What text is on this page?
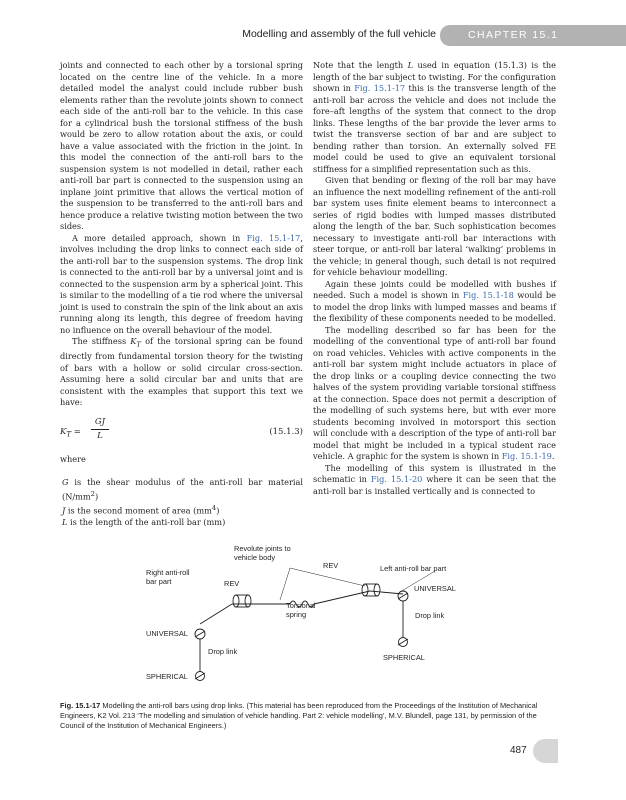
Modelling and assembly of the full vehicle	CHAPTER 15.1

joints and connected to each other by a torsional spring located on the centre line of the vehicle. In a more detailed model the analyst could include rubber bush elements rather than the revolute joints shown to connect each side of the anti-roll bar to the vehicle. In this case for a cylindrical bush the torsional stiffness of the bush would be zero to allow rotation about the axis, or could have a value associated with the friction in the joint. In this model the connection of the anti-roll bars to the suspension system is not modelled in detail, rather each anti-roll bar part is connected to the suspension using an inplane joint primitive that allows the vertical motion of the suspension to be transferred to the anti-roll bars and hence produce a relative twisting motion between the two sides.

A more detailed approach, shown in Fig. 15.1-17, involves including the drop links to connect each side of the anti-roll bar to the suspension systems. The drop link is connected to the anti-roll bar by a universal joint and is connected to the suspension arm by a spherical joint. This is similar to the modelling of a tie rod where the universal joint is used to constrain the spin of the link about an axis running along its length, this degree of freedom having no influence on the overall behaviour of the model.

The stiffness $K_T$ of the torsional spring can be found directly from fundamental torsion theory for the twisting of bars with a hollow or solid circular cross-section. Assuming here a solid circular bar and units that are consistent with the examples that support this text we have:

$K_T = \frac{GJ}{L}$	(15.1.3)

where

G is the shear modulus of the anti-roll bar material $(N/mm^2)$

J is the second moment of area $(mm^4)$

L is the length of the anti-roll bar (mm)

Note that the length L used in equation (15.1.3) is the length of the bar subject to twisting. For the configuration shown in Fig. 15.1-17 this is the transverse length of the anti-roll bar across the vehicle and does not include the fore–aft lengths of the system that connect to the drop links. These lengths of the bar provide the lever arms to twist the transverse section of bar and are subject to bending rather than torsion. An externally solved FE model could be used to give an equivalent torsional stiffness for a simplified representation such as this.

Given that bending or flexing of the roll bar may have an influence the next modelling refinement of the anti-roll bar system uses finite element beams to interconnect a series of rigid bodies with lumped masses distributed along the length of the bar. Such sophistication becomes necessary to investigate anti-roll bar interactions with steer torque, or anti-roll bar lateral ‘walking’ problems in the vehicle; in general though, such detail is not required for vehicle behaviour modelling.

Again these joints could be modelled with bushes if needed. Such a model is shown in Fig. 15.1-18 would be to model the drop links with lumped masses and beams if the flexibility of these components needed to be modelled.

The modelling described so far has been for the modelling of the conventional type of anti-roll bar found on road vehicles. Vehicles with active components in the anti-roll bar system might include actuators in place of the drop links or a coupling device connecting the two halves of the system providing variable torsional stiffness at the connection. Space does not permit a description of the modelling of such systems here, but with ever more students becoming involved in motorsport this section will conclude with a description of the type of anti-roll bar model that might be included in a typical student race vehicle. A graphic for the system is shown in Fig. 15.1-19.

The modelling of this system is illustrated in the schematic in Fig. 15.1-20 where it can be seen that the anti-roll bar is installed vertically and is connected to

Revolute joints to
vehicle body
REV	Left anti-roll bar part
Right anti-roll
bar part	REV
UNIVERSAL
Torsional
spring	Drop link
UNIVERSAL
Drop link
SPHERICAL
SPHERICAL
Fig. 15.1-17 Modelling the anti-roll bars using drop links. (This material has been reproduced from the Proceedings of the Institution of Mechanical Engineers, K2 Vol. 213 ‘The modelling and simulation of vehicle handling. Part 2: vehicle modelling’, M.V. Blundell, page 131, by permission of the Council of the Institution of Mechanical Engineers.)
487
